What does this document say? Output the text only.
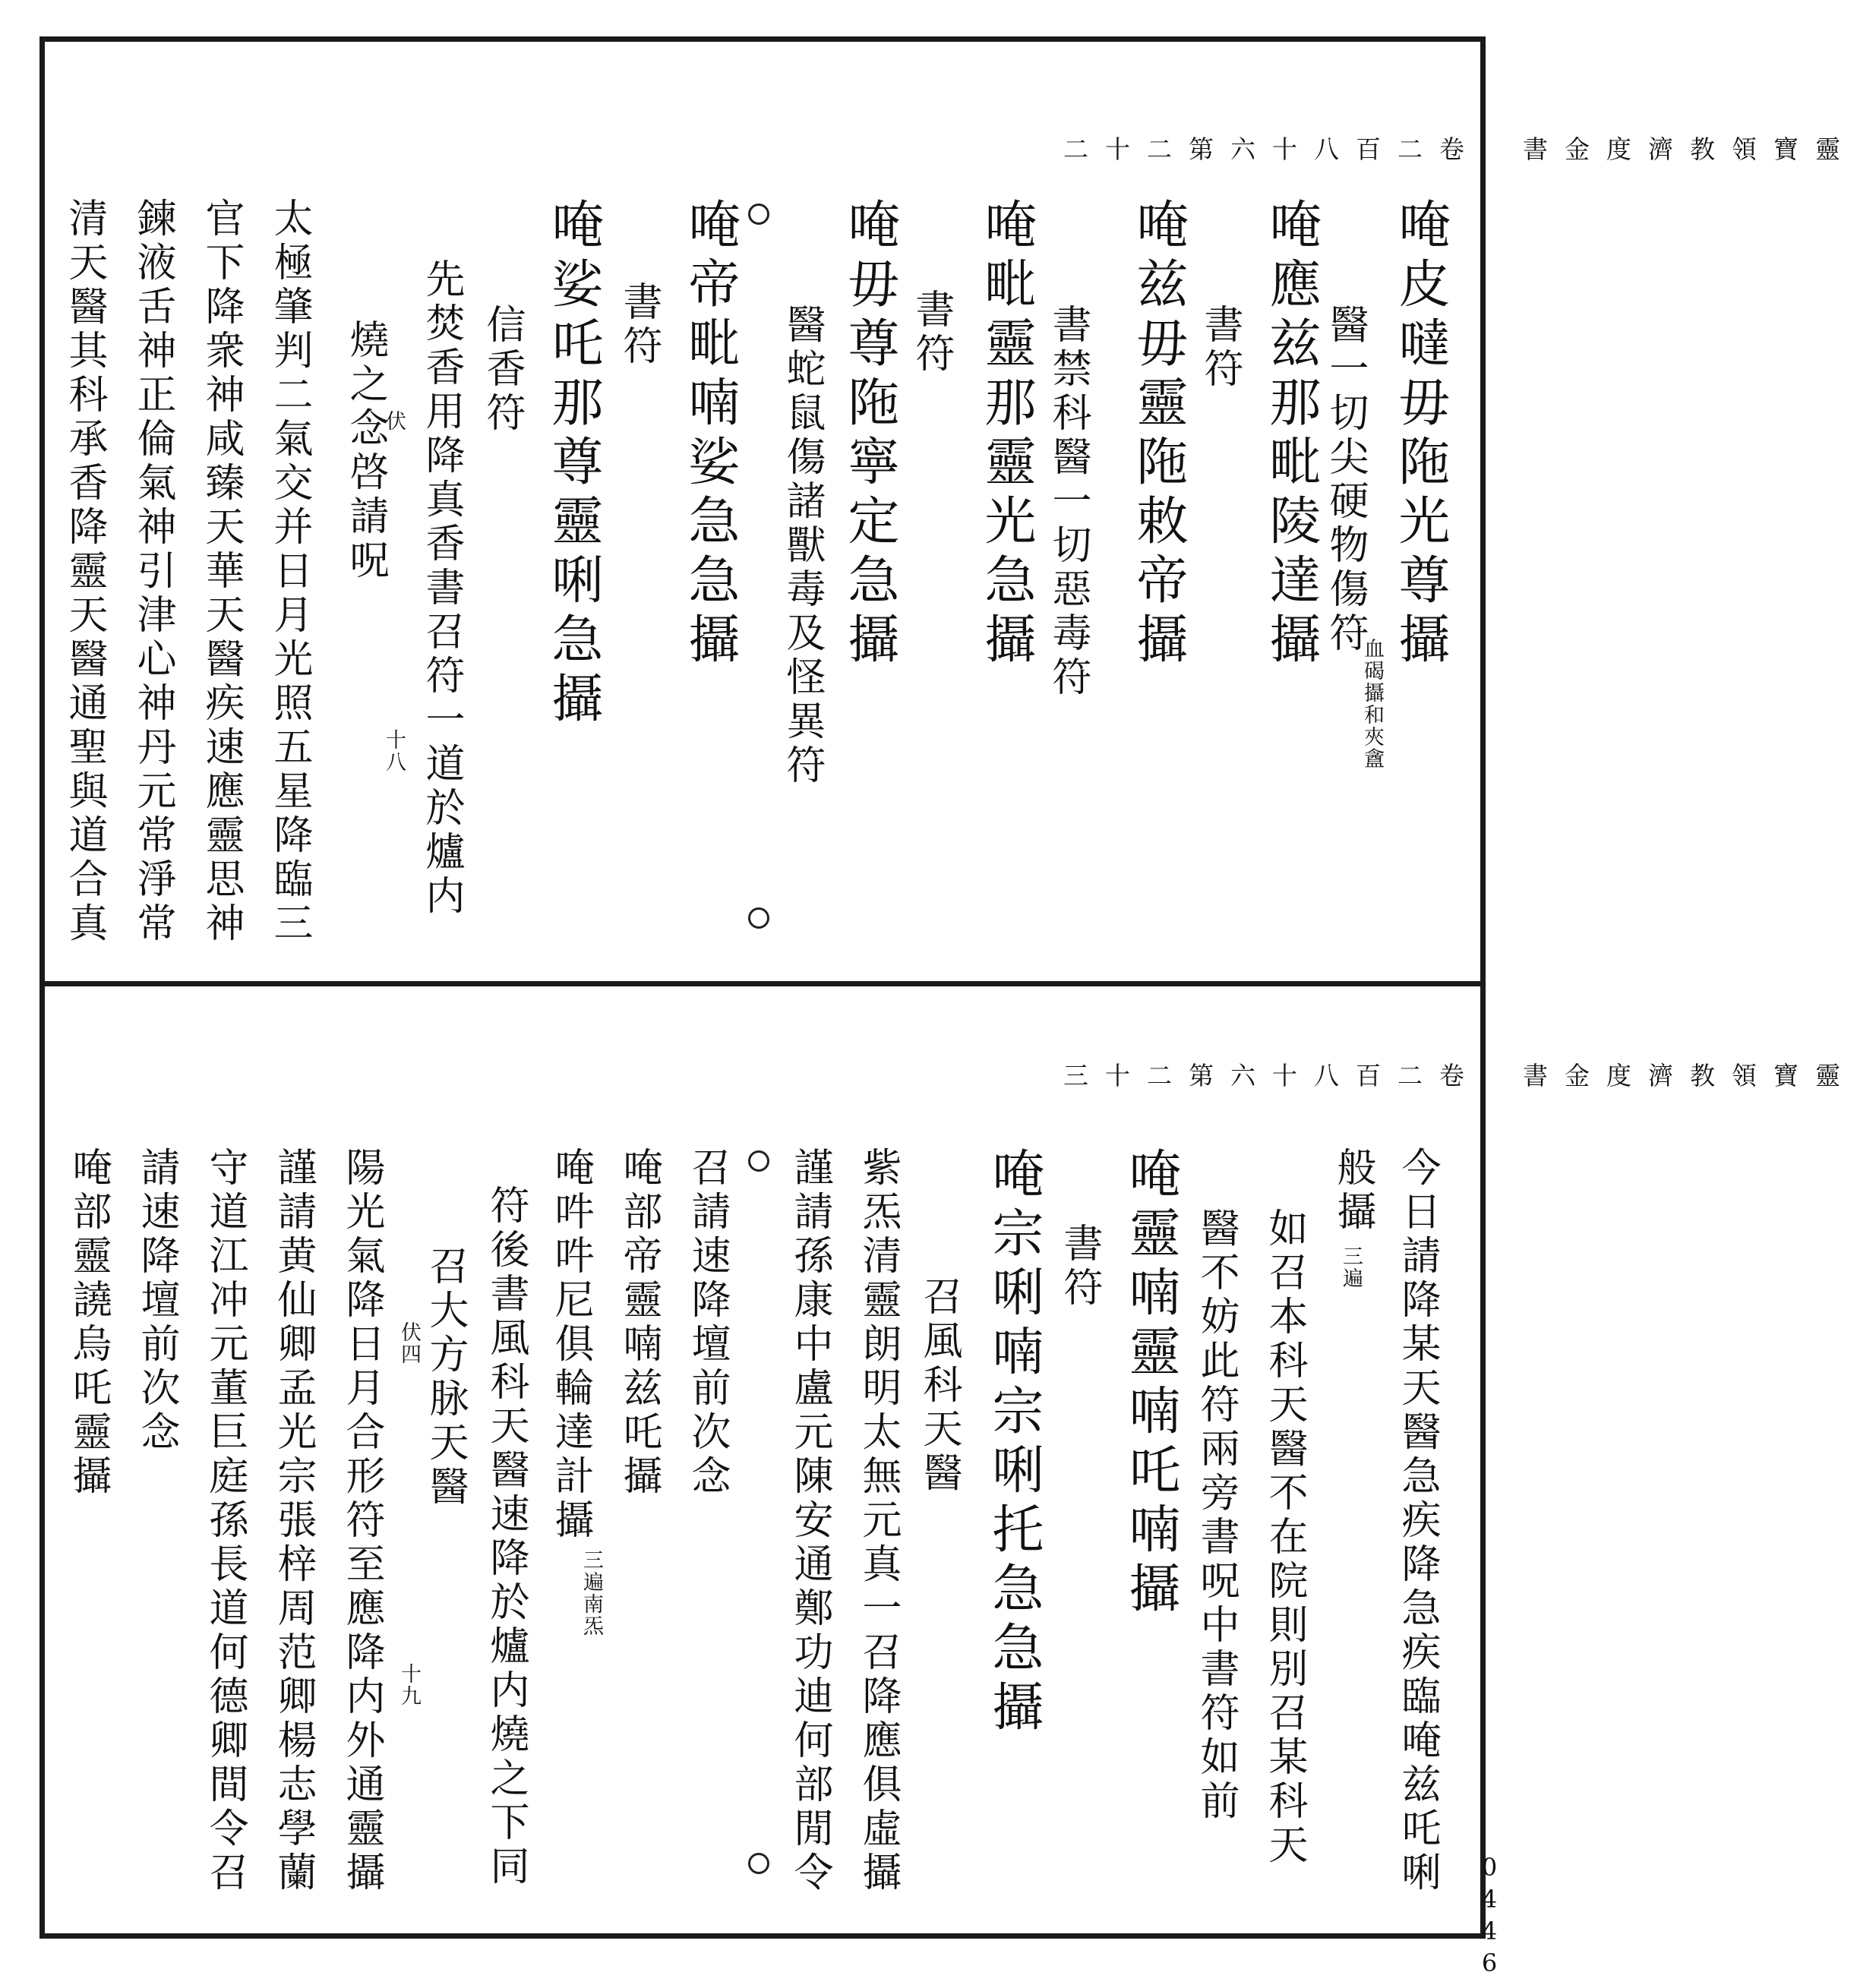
靈寶領教濟度金書　卷二百八十六第二十二
唵皮噠毋陁光尊攝
醫一切尖硬物傷符
血碣攝和夾盦
唵應兹那毗陵達攝
書符
唵兹毋靈陁敕帝攝
書禁科醫一切惡毒符
唵毗靈那靈光急攝
書符
唵毋尊陁寧定急攝
醫蛇鼠傷諸獸毒及怪異符
唵帝毗喃娑急急攝
書符
唵娑吒那尊靈唎急攝
信香符
先焚香用降真香書召符一道於爐内
伏
十八
燒之念啓請呪
太極肇判二氣交并日月光照五星降臨三
官下降衆神咸臻天華天醫疾速應靈思神
鍊液舌神正倫氣神引津心神丹元常淨常
清天醫其科承香降靈天醫通聖與道合真
靈寶領教濟度金書　卷二百八十六第二十三
今日請降某天醫急疾降急疾臨唵兹吒唎
般攝
三遍
如召本科天醫不在院則別召某科天
醫不妨此符兩旁書呪中書符如前
唵靈喃靈喃吒喃攝
書符
唵宗唎喃宗唎托急急攝
召風科天醫
紫炁清靈朗明太無元真一召降應俱虛攝
謹請孫康中盧元陳安通鄭功迪何部閒令
召請速降壇前次念
唵部帝靈喃兹吒攝
唵吽吽尼俱輪達計攝
三遍南炁
符後書風科天醫速降於爐内燒之下同
召大方脉天醫
伏四
十九
陽光氣降日月合形符至應降内外通靈攝
謹請黄仙卿孟光宗張梓周范卿楊志學蘭
守道江冲元董巨庭孫長道何德卿間令召
請速降壇前次念
唵部靈譊烏吒靈攝
0446
